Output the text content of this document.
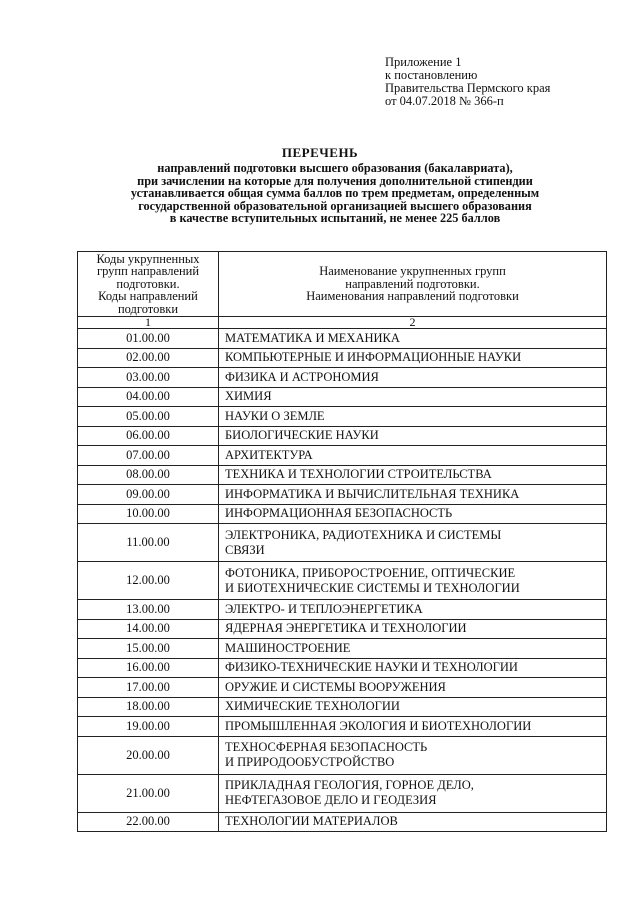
Приложение 1
к постановлению
Правительства Пермского края
от 04.07.2018 № 366-п
ПЕРЕЧЕНЬ
направлений подготовки высшего образования (бакалавриата),
при зачислении на которые для получения дополнительной стипендии
устанавливается общая сумма баллов по трем предметам, определенным
государственной образовательной организацией высшего образования
в качестве вступительных испытаний, не менее 225 баллов
Коды укрупненных
групп направлений
подготовки.
Коды направлений
подготовки	Наименование укрупненных групп
направлений подготовки.
Наименования направлений подготовки

1	2
01.00.00	МАТЕМАТИКА И МЕХАНИКА

02.00.00	КОМПЬЮТЕРНЫЕ И ИНФОРМАЦИОННЫЕ НАУКИ

03.00.00	ФИЗИКА И АСТРОНОМИЯ

04.00.00	ХИМИЯ

05.00.00	НАУКИ О ЗЕМЛЕ

06.00.00	БИОЛОГИЧЕСКИЕ НАУКИ

07.00.00	АРХИТЕКТУРА

08.00.00	ТЕХНИКА И ТЕХНОЛОГИИ СТРОИТЕЛЬСТВА

09.00.00	ИНФОРМАТИКА И ВЫЧИСЛИТЕЛЬНАЯ ТЕХНИКА

10.00.00	ИНФОРМАЦИОННАЯ БЕЗОПАСНОСТЬ

11.00.00	ЭЛЕКТРОНИКА, РАДИОТЕХНИКА И СИСТЕМЫ
СВЯЗИ

12.00.00	ФОТОНИКА, ПРИБОРОСТРОЕНИЕ, ОПТИЧЕСКИЕ
И БИОТЕХНИЧЕСКИЕ СИСТЕМЫ И ТЕХНОЛОГИИ

13.00.00	ЭЛЕКТРО- И ТЕПЛОЭНЕРГЕТИКА

14.00.00	ЯДЕРНАЯ ЭНЕРГЕТИКА И ТЕХНОЛОГИИ

15.00.00	МАШИНОСТРОЕНИЕ

16.00.00	ФИЗИКО-ТЕХНИЧЕСКИЕ НАУКИ И ТЕХНОЛОГИИ

17.00.00	ОРУЖИЕ И СИСТЕМЫ ВООРУЖЕНИЯ

18.00.00	ХИМИЧЕСКИЕ ТЕХНОЛОГИИ

19.00.00	ПРОМЫШЛЕННАЯ ЭКОЛОГИЯ И БИОТЕХНОЛОГИИ

20.00.00	ТЕХНОСФЕРНАЯ БЕЗОПАСНОСТЬ
И ПРИРОДООБУСТРОЙСТВО

21.00.00	ПРИКЛАДНАЯ ГЕОЛОГИЯ, ГОРНОЕ ДЕЛО,
НЕФТЕГАЗОВОЕ ДЕЛО И ГЕОДЕЗИЯ

22.00.00	ТЕХНОЛОГИИ МАТЕРИАЛОВ
